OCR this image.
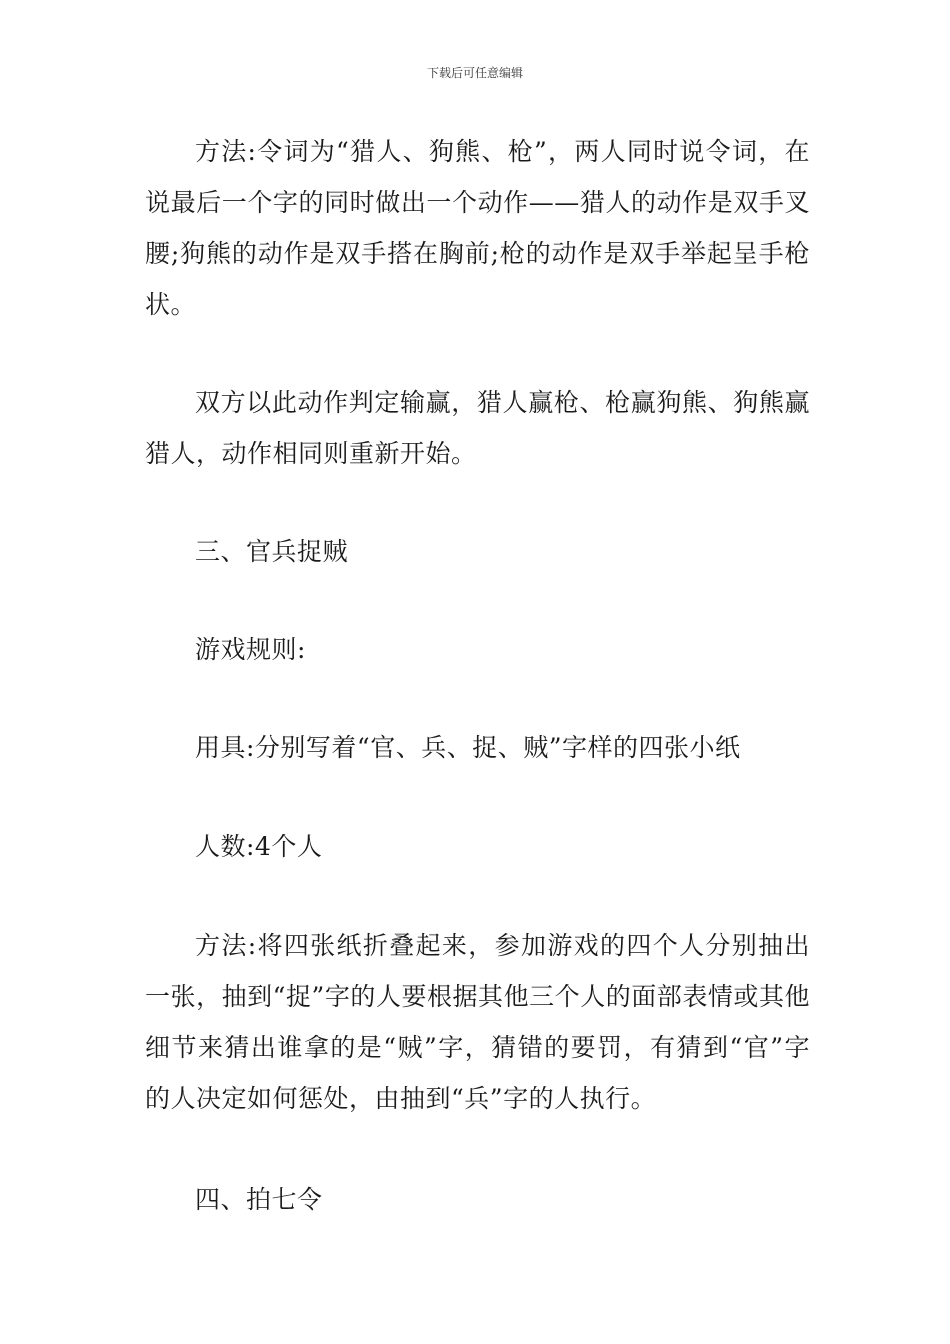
下载后可任意编辑

方法:令词为“猎人、狗熊、枪”，两人同时说令词，在说最后一个字的同时做出一个动作——猎人的动作是双手叉腰;狗熊的动作是双手搭在胸前;枪的动作是双手举起呈手枪状。

双方以此动作判定输赢，猎人赢枪、枪赢狗熊、狗熊赢猎人，动作相同则重新开始。

三、官兵捉贼

游戏规则:

用具:分别写着“官、兵、捉、贼”字样的四张小纸

人数:4个人

方法:将四张纸折叠起来，参加游戏的四个人分别抽出一张，抽到“捉”字的人要根据其他三个人的面部表情或其他细节来猜出谁拿的是“贼”字，猜错的要罚，有猜到“官”字的人决定如何惩处，由抽到“兵”字的人执行。

四、拍七令
